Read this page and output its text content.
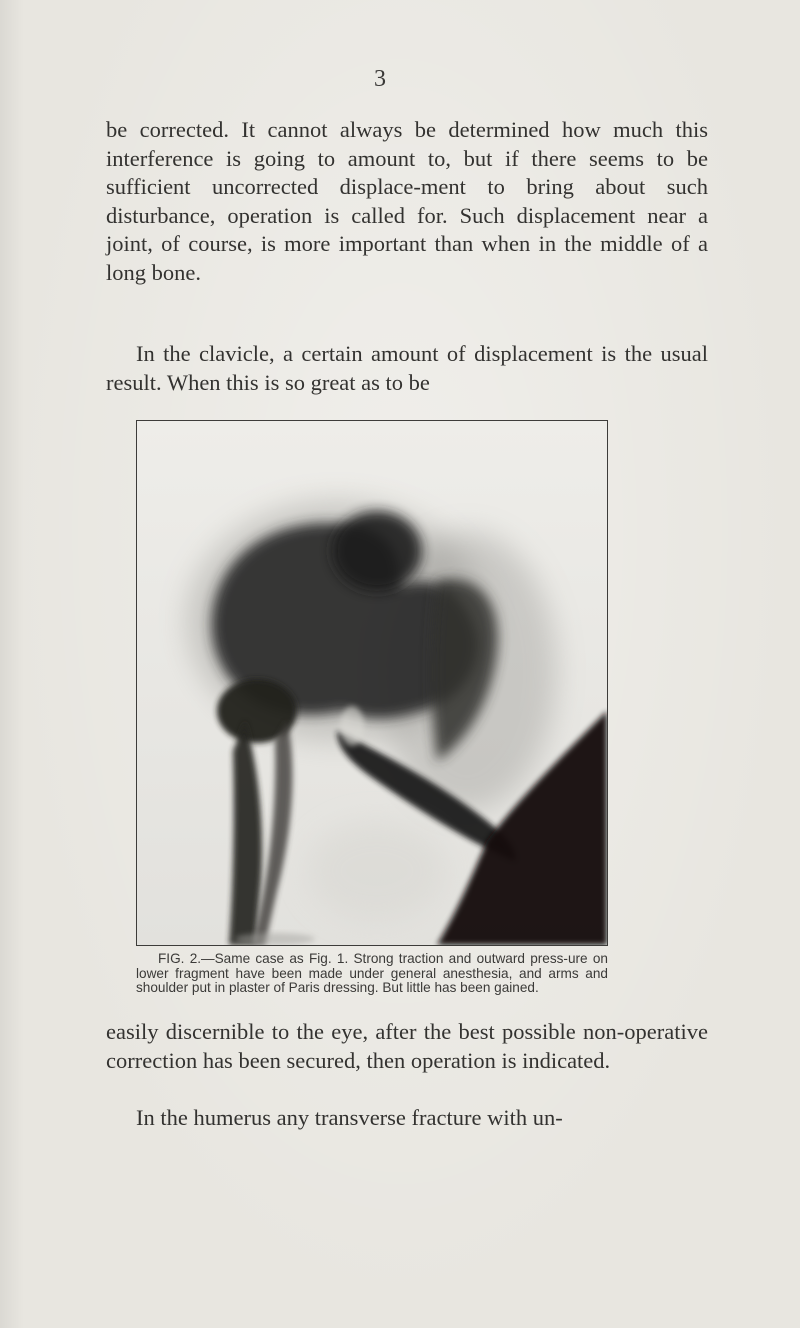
3

be corrected. It cannot always be determined how much this interference is going to amount to, but if there seems to be sufficient uncorrected displace-ment to bring about such disturbance, operation is called for. Such displacement near a joint, of course, is more important than when in the middle of a long bone.

In the clavicle, a certain amount of displacement is the usual result. When this is so great as to be

FIG. 2.—Same case as Fig. 1. Strong traction and outward press-ure on lower fragment have been made under general anesthesia, and arms and shoulder put in plaster of Paris dressing. But little has been gained.

easily discernible to the eye, after the best possible non-operative correction has been secured, then operation is indicated.

In the humerus any transverse fracture with un-
